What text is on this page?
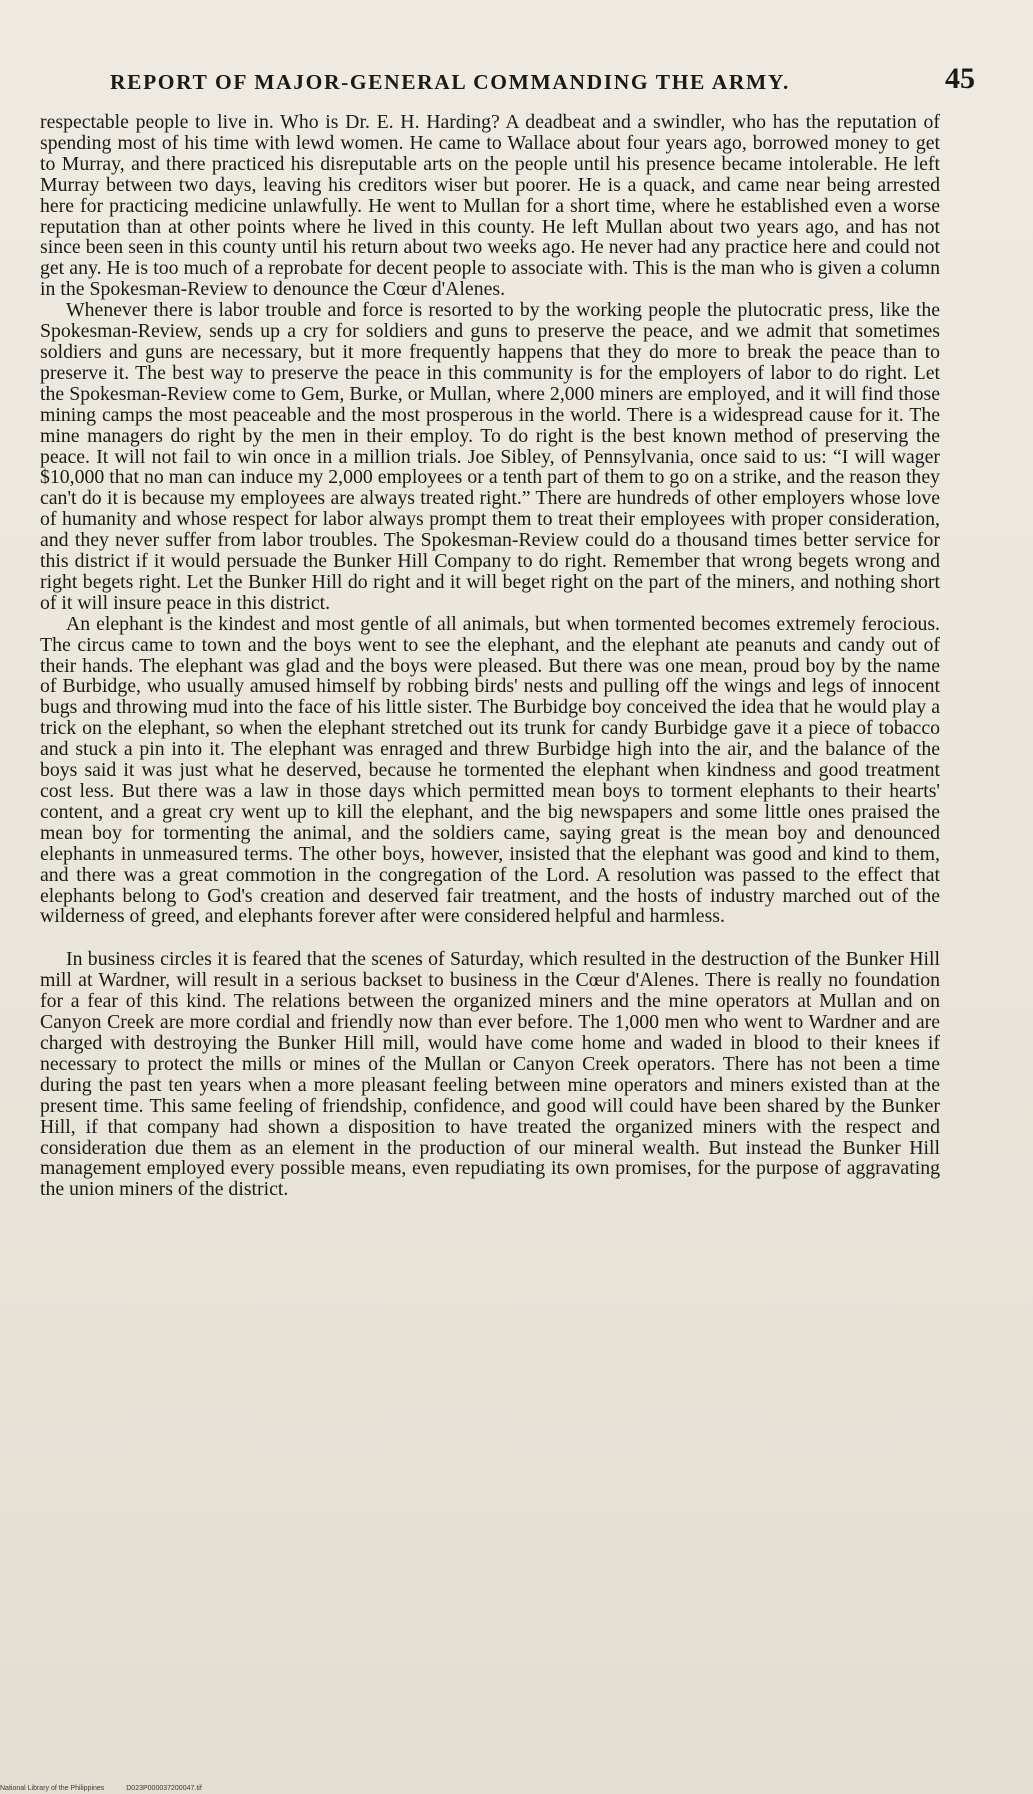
REPORT OF MAJOR-GENERAL COMMANDING THE ARMY.	45

respectable people to live in. Who is Dr. E. H. Harding? A deadbeat and a swindler, who has the reputation of spending most of his time with lewd women. He came to Wallace about four years ago, borrowed money to get to Murray, and there practiced his disreputable arts on the people until his presence became intolerable. He left Murray between two days, leaving his creditors wiser but poorer. He is a quack, and came near being arrested here for practicing medicine unlawfully. He went to Mullan for a short time, where he established even a worse reputation than at other points where he lived in this county. He left Mullan about two years ago, and has not since been seen in this county until his return about two weeks ago. He never had any practice here and could not get any. He is too much of a reprobate for decent people to associate with. This is the man who is given a column in the Spokesman-Review to denounce the Cœur d'Alenes.

Whenever there is labor trouble and force is resorted to by the working people the plutocratic press, like the Spokesman-Review, sends up a cry for soldiers and guns to preserve the peace, and we admit that sometimes soldiers and guns are necessary, but it more frequently happens that they do more to break the peace than to preserve it. The best way to preserve the peace in this community is for the employers of labor to do right. Let the Spokesman-Review come to Gem, Burke, or Mullan, where 2,000 miners are employed, and it will find those mining camps the most peaceable and the most prosperous in the world. There is a widespread cause for it. The mine managers do right by the men in their employ. To do right is the best known method of preserving the peace. It will not fail to win once in a million trials. Joe Sibley, of Pennsylvania, once said to us: “I will wager $10,000 that no man can induce my 2,000 employees or a tenth part of them to go on a strike, and the reason they can't do it is because my employees are always treated right.” There are hundreds of other employers whose love of humanity and whose respect for labor always prompt them to treat their employees with proper consideration, and they never suffer from labor troubles. The Spokesman-Review could do a thousand times better service for this district if it would persuade the Bunker Hill Company to do right. Remember that wrong begets wrong and right begets right. Let the Bunker Hill do right and it will beget right on the part of the miners, and nothing short of it will insure peace in this district.

An elephant is the kindest and most gentle of all animals, but when tormented becomes extremely ferocious. The circus came to town and the boys went to see the elephant, and the elephant ate peanuts and candy out of their hands. The elephant was glad and the boys were pleased. But there was one mean, proud boy by the name of Burbidge, who usually amused himself by robbing birds' nests and pulling off the wings and legs of innocent bugs and throwing mud into the face of his little sister. The Burbidge boy conceived the idea that he would play a trick on the elephant, so when the elephant stretched out its trunk for candy Burbidge gave it a piece of tobacco and stuck a pin into it. The elephant was enraged and threw Burbidge high into the air, and the balance of the boys said it was just what he deserved, because he tormented the elephant when kindness and good treatment cost less. But there was a law in those days which permitted mean boys to torment elephants to their hearts' content, and a great cry went up to kill the elephant, and the big newspapers and some little ones praised the mean boy for tormenting the animal, and the soldiers came, saying great is the mean boy and denounced elephants in unmeasured terms. The other boys, however, insisted that the elephant was good and kind to them, and there was a great commotion in the congregation of the Lord. A resolution was passed to the effect that elephants belong to God's creation and deserved fair treatment, and the hosts of industry marched out of the wilderness of greed, and elephants forever after were considered helpful and harmless.

In business circles it is feared that the scenes of Saturday, which resulted in the destruction of the Bunker Hill mill at Wardner, will result in a serious backset to business in the Cœur d'Alenes. There is really no foundation for a fear of this kind. The relations between the organized miners and the mine operators at Mullan and on Canyon Creek are more cordial and friendly now than ever before. The 1,000 men who went to Wardner and are charged with destroying the Bunker Hill mill, would have come home and waded in blood to their knees if necessary to protect the mills or mines of the Mullan or Canyon Creek operators. There has not been a time during the past ten years when a more pleasant feeling between mine operators and miners existed than at the present time. This same feeling of friendship, confidence, and good will could have been shared by the Bunker Hill, if that company had shown a disposition to have treated the organized miners with the respect and consideration due them as an element in the production of our mineral wealth. But instead the Bunker Hill management employed every possible means, even repudiating its own promises, for the purpose of aggravating the union miners of the district.

National Library of the Philippines	D023P000037200047.tif
